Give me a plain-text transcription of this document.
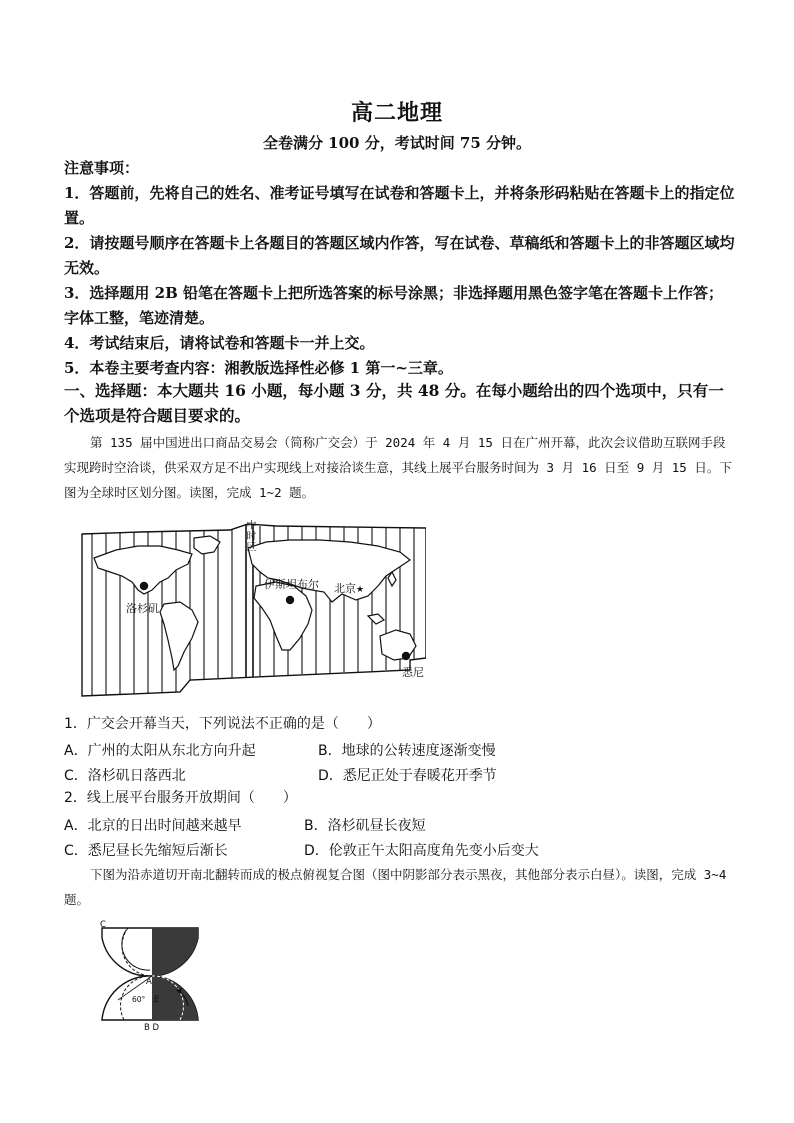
高二地理
全卷满分 100 分，考试时间 75 分钟。

注意事项：

1．答题前，先将自己的姓名、准考证号填写在试卷和答题卡上，并将条形码粘贴在答题卡上的指定位置。

2．请按题号顺序在答题卡上各题目的答题区域内作答，写在试卷、草稿纸和答题卡上的非答题区域均无效。

3．选择题用 2B 铅笔在答题卡上把所选答案的标号涂黑；非选择题用黑色签字笔在答题卡上作答；字体工整，笔迹清楚。

4．考试结束后，请将试卷和答题卡一并上交。

5．本卷主要考查内容：湘教版选择性必修 1 第一~三章。

一、选择题：本大题共 16 小题，每小题 3 分，共 48 分。在每小题给出的四个选项中，只有一个选项是符合题目要求的。
第 135 届中国进出口商品交易会（简称广交会）于 2024 年 4 月 15 日在广州开幕，此次会议借助互联网手段实现跨时空洽谈，供采双方足不出户实现线上对接洽谈生意，其线上展平台服务时间为 3 月 16 日至 9 月 15 日。下图为全球时区划分图。读图，完成 1~2 题。
★
中时区
洛杉矶
伊斯坦布尔 北京
悉尼
1．广交会开幕当天，下列说法不正确的是（　　）
A．广州的太阳从东北方向升起	B．地球的公转速度逐渐变慢
C．洛杉矶日落西北	D．悉尼正处于春暖花开季节
2．线上展平台服务开放期间（　　）
A．北京的日出时间越来越早	B．洛杉矶昼长夜短
C．悉尼昼长先缩短后渐长	D．伦敦正午太阳高度角先变小后变大
下图为沿赤道切开南北翻转而成的极点俯视复合图（图中阴影部分表示黑夜，其他部分表示白昼）。读图，完成 3~4 题。
C
A
E
60°
B D
